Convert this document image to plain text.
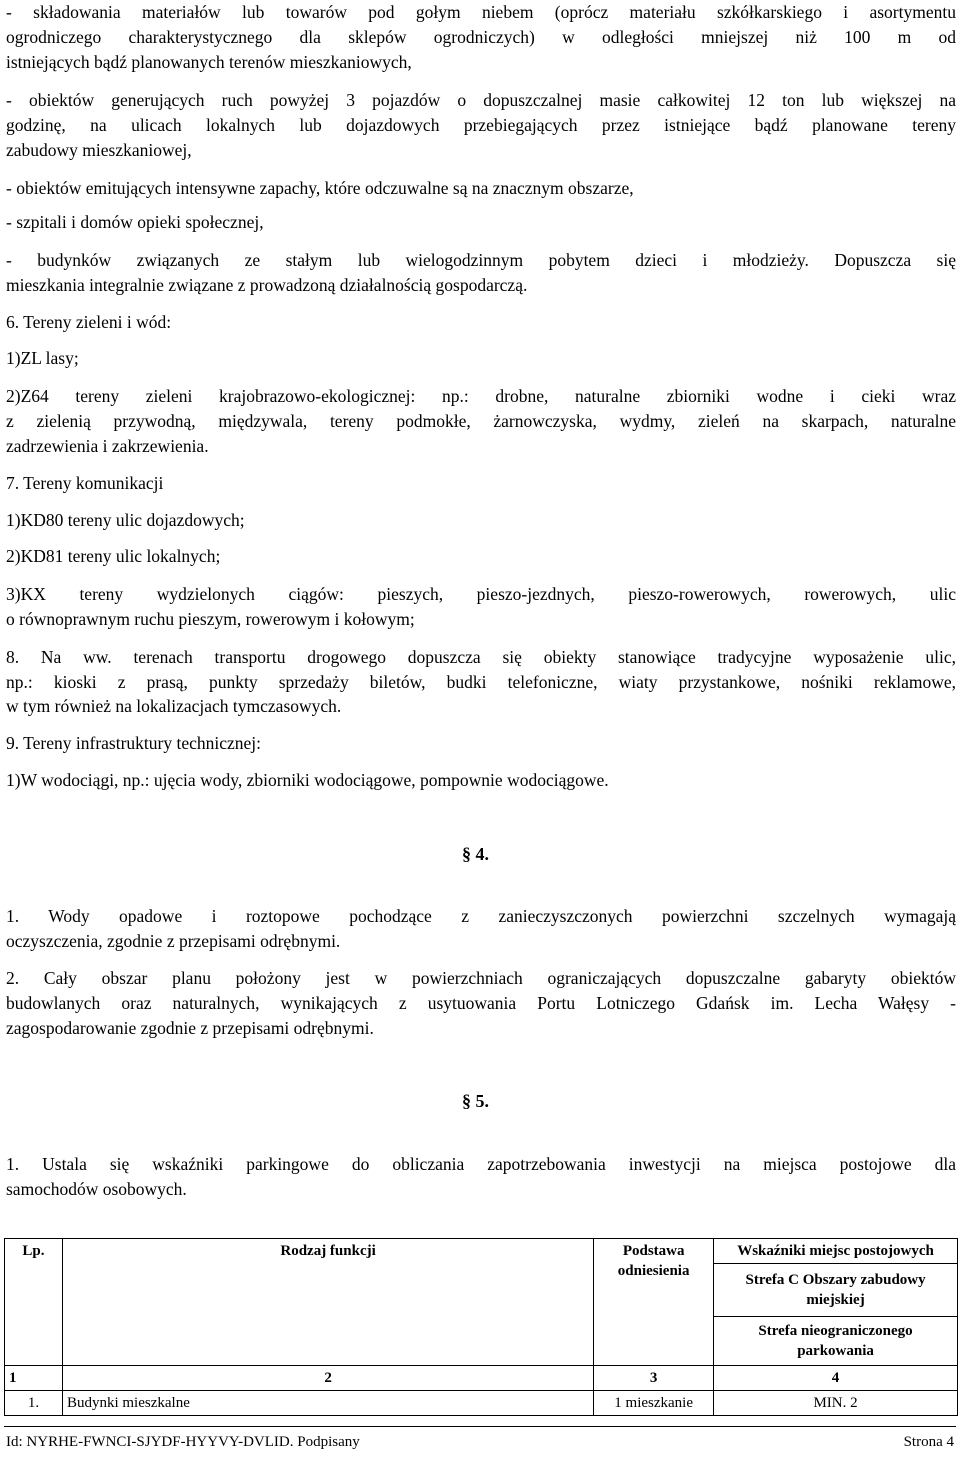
- składowania materiałów lub towarów pod gołym niebem (oprócz materiału szkółkarskiego i asortymentu
ogrodniczego charakterystycznego dla sklepów ogrodniczych) w odległości mniejszej niż 100 m od
istniejących bądź planowanych terenów mieszkaniowych,
- obiektów generujących ruch powyżej 3 pojazdów o dopuszczalnej masie całkowitej 12 ton lub większej na
godzinę, na ulicach lokalnych lub dojazdowych przebiegających przez istniejące bądź planowane tereny
zabudowy mieszkaniowej,
- obiektów emitujących intensywne zapachy, które odczuwalne są na znacznym obszarze,
- szpitali i domów opieki społecznej,
- budynków związanych ze stałym lub wielogodzinnym pobytem dzieci i młodzieży. Dopuszcza się
mieszkania integralnie związane z prowadzoną działalnością gospodarczą.
6. Tereny zieleni i wód:
1)ZL lasy;
2)Z64 tereny zieleni krajobrazowo-ekologicznej: np.: drobne, naturalne zbiorniki wodne i cieki wraz
z zielenią przywodną, międzywala, tereny podmokłe, żarnowczyska, wydmy, zieleń na skarpach, naturalne
zadrzewienia i zakrzewienia.
7. Tereny komunikacji
1)KD80 tereny ulic dojazdowych;
2)KD81 tereny ulic lokalnych;
3)KX tereny wydzielonych ciągów: pieszych, pieszo-jezdnych, pieszo-rowerowych, rowerowych, ulic
o równoprawnym ruchu pieszym, rowerowym i kołowym;
8. Na ww. terenach transportu drogowego dopuszcza się obiekty stanowiące tradycyjne wyposażenie ulic,
np.: kioski z prasą, punkty sprzedaży biletów, budki telefoniczne, wiaty przystankowe, nośniki reklamowe,
w tym również na lokalizacjach tymczasowych.
9. Tereny infrastruktury technicznej:
1)W wodociągi, np.: ujęcia wody, zbiorniki wodociągowe, pompownie wodociągowe.
§ 4.
1. Wody opadowe i roztopowe pochodzące z zanieczyszczonych powierzchni szczelnych wymagają
oczyszczenia, zgodnie z przepisami odrębnymi.
2. Cały obszar planu położony jest w powierzchniach ograniczających dopuszczalne gabaryty obiektów
budowlanych oraz naturalnych, wynikających z usytuowania Portu Lotniczego Gdańsk im. Lecha Wałęsy -
zagospodarowanie zgodnie z przepisami odrębnymi.
§ 5.
1. Ustala się wskaźniki parkingowe do obliczania zapotrzebowania inwestycji na miejsca postojowe dla
samochodów osobowych.
Lp.	Rodzaj funkcji	Podstawa odniesienia	Wskaźniki miejsc postojowych
			Strefa C Obszary zabudowy miejskiej
			Strefa nieograniczonego parkowania
1	2	3	4
1.	Budynki mieszkalne	1 mieszkanie	MIN. 2
Id: NYRHE-FWNCI-SJYDF-HYYVY-DVLID. Podpisany	Strona 4
